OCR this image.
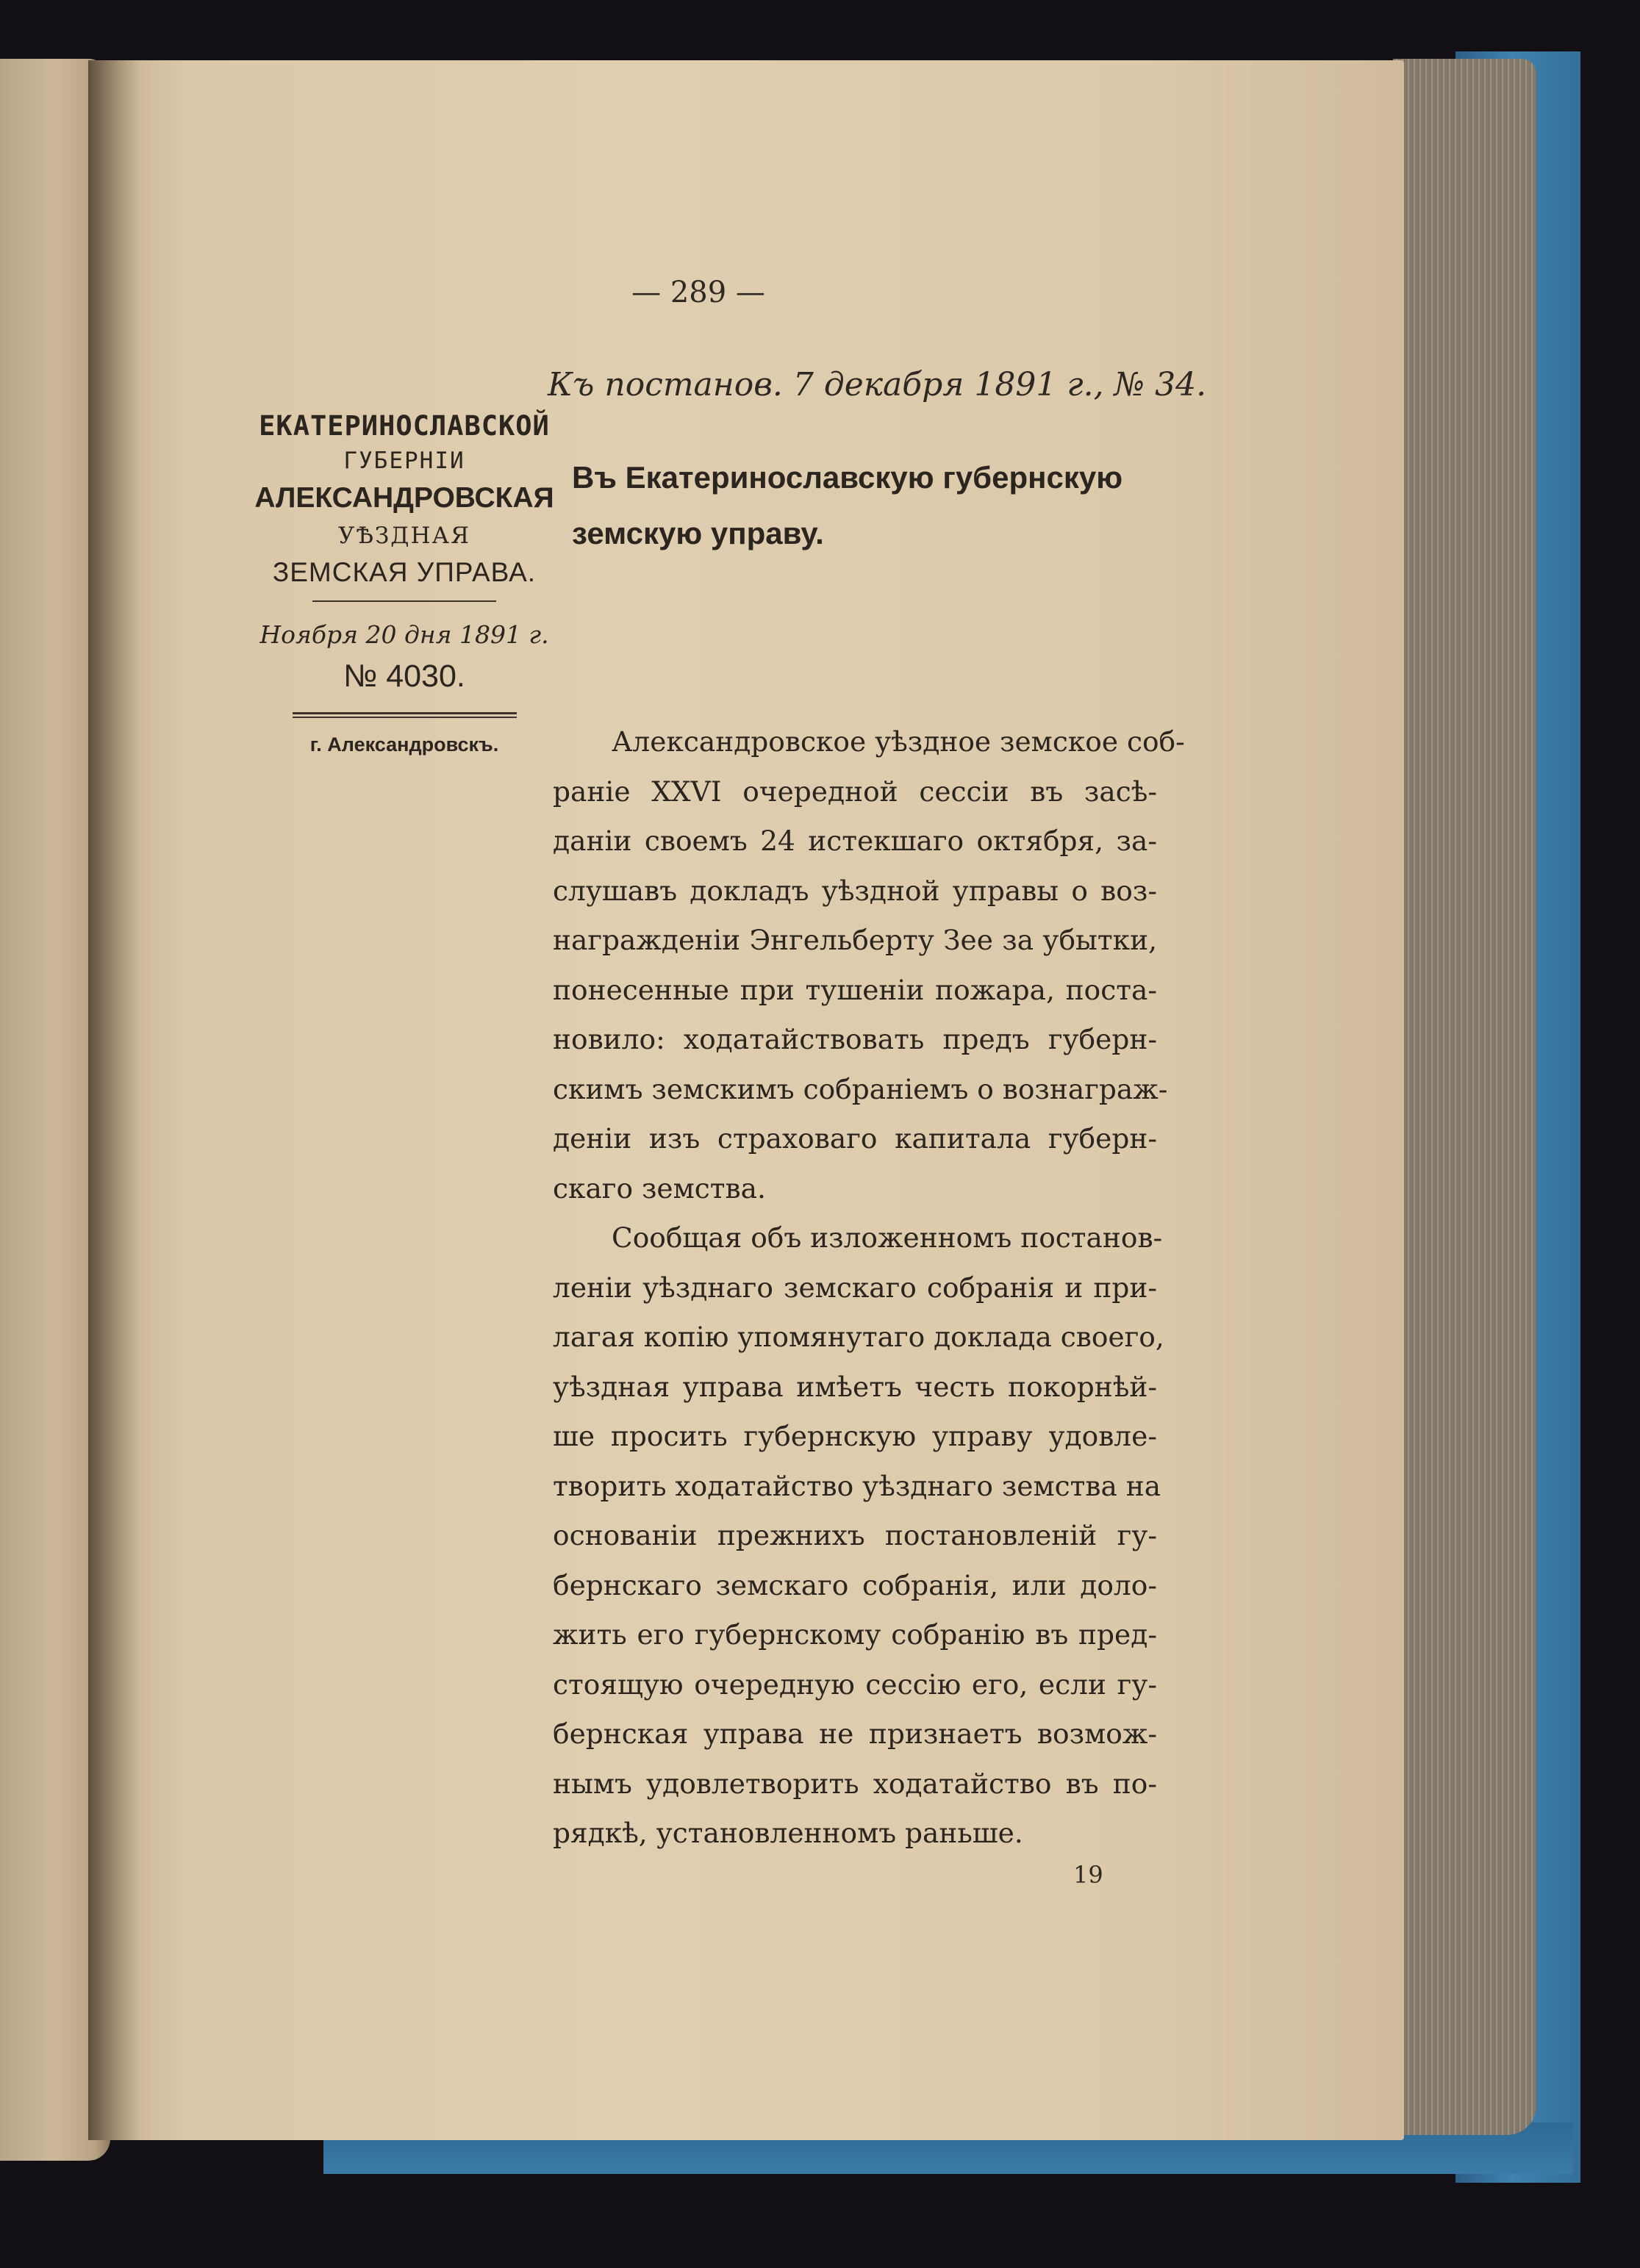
— 289 —
Къ постанов. 7 декабря 1891 г., № 34.
ЕКАТЕРИНОСЛАВСКОЙ
ГУБЕРНІИ
АЛЕКСАНДРОВСКАЯ
УѢЗДНАЯ
ЗЕМСКАЯ УПРАВА.
Ноября 20 дня 1891 г.
№ 4030.
г. Александровскъ.
Въ Екатеринославскую губернскую
земскую управу.
Александровское уѣздное земское соб-
раніе XXVI очередной сессіи въ засѣ-
даніи своемъ 24 истекшаго октября, за-
слушавъ докладъ уѣздной управы о воз-
награжденіи Энгельберту Зее за убытки,
понесенные при тушеніи пожара, поста-
новило: ходатайствовать предъ губерн-
скимъ земскимъ собраніемъ о вознаграж-
деніи изъ страховаго капитала губерн-
скаго земства.
Сообщая объ изложенномъ постанов-
леніи уѣзднаго земскаго собранія и при-
лагая копію упомянутаго доклада своего,
уѣздная управа имѣетъ честь покорнѣй-
ше просить губернскую управу удовле-
творить ходатайство уѣзднаго земства на
основаніи прежнихъ постановленій гу-
бернскаго земскаго собранія, или доло-
жить его губернскому собранію въ пред-
стоящую очередную сессію его, если гу-
бернская управа не признаетъ возмож-
нымъ удовлетворить ходатайство въ по-
рядкѣ, установленномъ раньше.
19
